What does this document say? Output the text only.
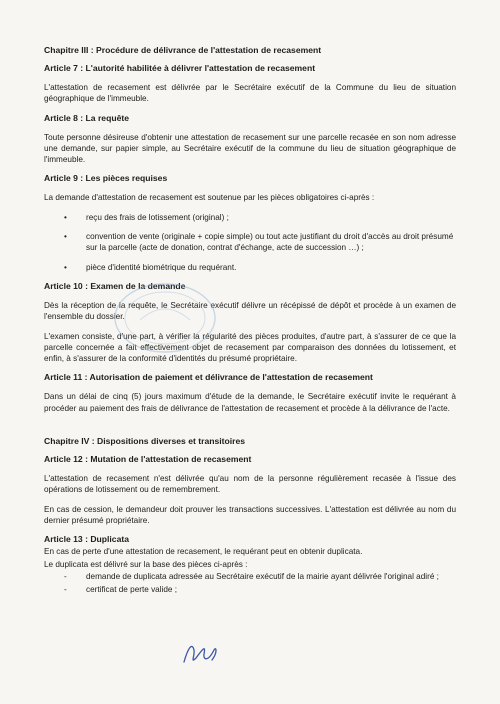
Chapitre III : Procédure de délivrance de l'attestation de recasement

Article 7 : L'autorité habilitée à délivrer l'attestation de recasement

L'attestation de recasement est délivrée par le Secrétaire exécutif de la Commune du lieu de situation géographique de l'immeuble.

Article 8 : La requête

Toute personne désireuse d'obtenir une attestation de recasement sur une parcelle recasée en son nom adresse une demande, sur papier simple, au Secrétaire exécutif de la commune du lieu de situation géographique de l'immeuble.

Article 9 : Les pièces requises

La demande d'attestation de recasement est soutenue par les pièces obligatoires ci-après :

• reçu des frais de lotissement (original) ;
• convention de vente (originale + copie simple) ou tout acte justifiant du droit d'accès au droit présumé sur la parcelle (acte de donation, contrat d'échange, acte de succession …) ;
• pièce d'identité biométrique du requérant.

Article 10 : Examen de la demande

Dès la réception de la requête, le Secrétaire exécutif délivre un récépissé de dépôt et procède à un examen de l'ensemble du dossier.

L'examen consiste, d'une part, à vérifier la régularité des pièces produites, d'autre part, à s'assurer de ce que la parcelle concernée a fait effectivement objet de recasement par comparaison des données du lotissement, et enfin, à s'assurer de la conformité d'identités du présumé propriétaire.

Article 11 : Autorisation de paiement et délivrance de l'attestation de recasement

Dans un délai de cinq (5) jours maximum d'étude de la demande, le Secrétaire exécutif invite le requérant à procéder au paiement des frais de délivrance de l'attestation de recasement et procède à la délivrance de l'acte.

Chapitre IV : Dispositions diverses et transitoires

Article 12 : Mutation de l'attestation de recasement

L'attestation de recasement n'est délivrée qu'au nom de la personne régulièrement recasée à l'issue des opérations de lotissement ou de remembrement.

En cas de cession, le demandeur doit prouver les transactions successives. L'attestation est délivrée au nom du dernier présumé propriétaire.

Article 13 : Duplicata

En cas de perte d'une attestation de recasement, le requérant peut en obtenir duplicata.

Le duplicata est délivré sur la base des pièces ci-après :

- demande de duplicata adressée au Secrétaire exécutif de la mairie ayant délivrée l'original adiré ;
- certificat de perte valide ;
